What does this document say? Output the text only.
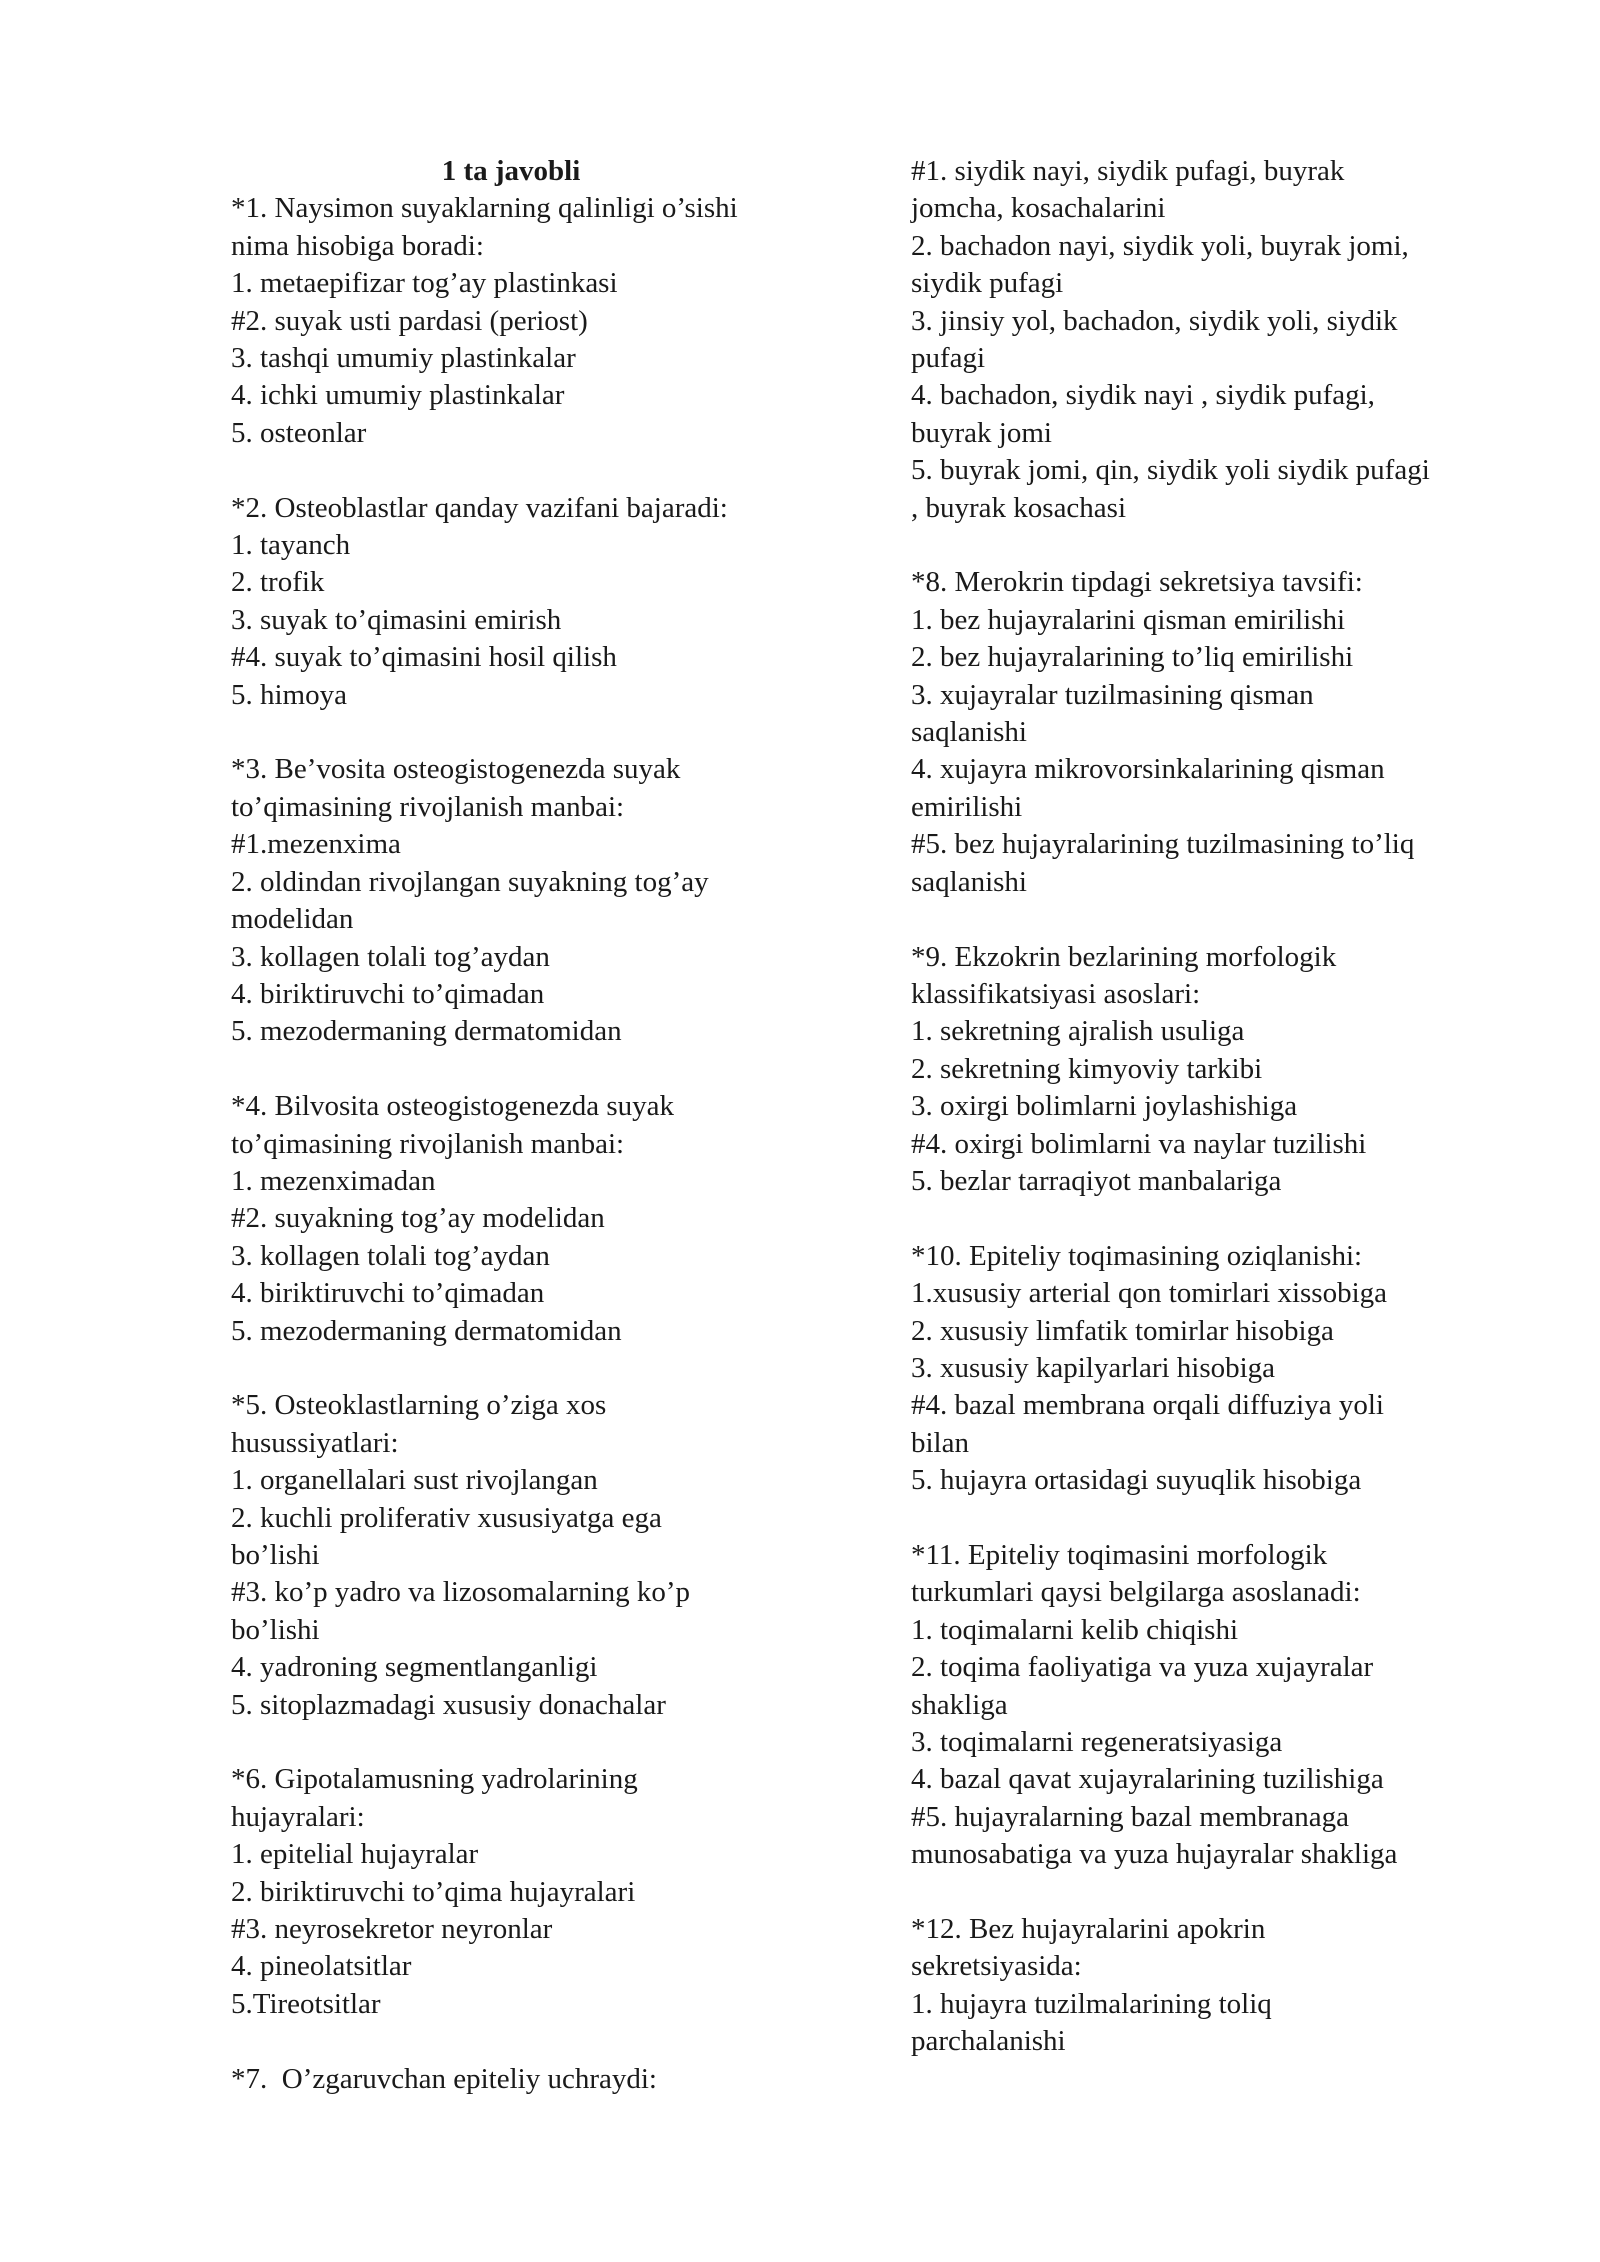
1 ta javobli
*1. Naysimon suyaklarning qalinligi o’sishi
nima hisobiga boradi:
1. metaepifizar tog’ay plastinkasi
#2. suyak usti pardasi (periost)
3. tashqi umumiy plastinkalar
4. ichki umumiy plastinkalar
5. osteonlar
*2. Osteoblastlar qanday vazifani bajaradi:
1. tayanch
2. trofik
3. suyak to’qimasini emirish
#4. suyak to’qimasini hosil qilish
5. himoya
*3. Be’vosita osteogistogenezda suyak
to’qimasining rivojlanish manbai:
#1.mezenxima
2. oldindan rivojlangan suyakning tog’ay
modelidan
3. kollagen tolali tog’aydan
4. biriktiruvchi to’qimadan
5. mezodermaning dermatomidan
*4. Bilvosita osteogistogenezda suyak
to’qimasining rivojlanish manbai:
1. mezenximadan
#2. suyakning tog’ay modelidan
3. kollagen tolali tog’aydan
4. biriktiruvchi to’qimadan
5. mezodermaning dermatomidan
*5. Osteoklastlarning o’ziga xos
husussiyatlari:
1. organellalari sust rivojlangan
2. kuchli proliferativ xususiyatga ega
bo’lishi
#3. ko’p yadro va lizosomalarning ko’p
bo’lishi
4. yadroning segmentlanganligi
5. sitoplazmadagi xususiy donachalar
*6. Gipotalamusning yadrolarining
hujayralari:
1. epitelial hujayralar
2. biriktiruvchi to’qima hujayralari
#3. neyrosekretor neyronlar
4. pineolatsitlar
5.Tireotsitlar
*7.  O’zgaruvchan epiteliy uchraydi:
#1. siydik nayi, siydik pufagi, buyrak
jomcha, kosachalarini
2. bachadon nayi, siydik yoli, buyrak jomi,
siydik pufagi
3. jinsiy yol, bachadon, siydik yoli, siydik
pufagi
4. bachadon, siydik nayi , siydik pufagi,
buyrak jomi
5. buyrak jomi, qin, siydik yoli siydik pufagi
, buyrak kosachasi
*8. Merokrin tipdagi sekretsiya tavsifi:
1. bez hujayralarini qisman emirilishi
2. bez hujayralarining to’liq emirilishi
3. xujayralar tuzilmasining qisman
saqlanishi
4. xujayra mikrovorsinkalarining qisman
emirilishi
#5. bez hujayralarining tuzilmasining to’liq
saqlanishi
*9. Ekzokrin bezlarining morfologik
klassifikatsiyasi asoslari:
1. sekretning ajralish usuliga
2. sekretning kimyoviy tarkibi
3. oxirgi bolimlarni joylashishiga
#4. oxirgi bolimlarni va naylar tuzilishi
5. bezlar tarraqiyot manbalariga
*10. Epiteliy toqimasining oziqlanishi:
1.xususiy arterial qon tomirlari xissobiga
2. xususiy limfatik tomirlar hisobiga
3. xususiy kapilyarlari hisobiga
#4. bazal membrana orqali diffuziya yoli
bilan
5. hujayra ortasidagi suyuqlik hisobiga
*11. Epiteliy toqimasini morfologik
turkumlari qaysi belgilarga asoslanadi:
1. toqimalarni kelib chiqishi
2. toqima faoliyatiga va yuza xujayralar
shakliga
3. toqimalarni regeneratsiyasiga
4. bazal qavat xujayralarining tuzilishiga
#5. hujayralarning bazal membranaga
munosabatiga va yuza hujayralar shakliga
*12. Bez hujayralarini apokrin
sekretsiyasida:
1. hujayra tuzilmalarining toliq
parchalanishi
